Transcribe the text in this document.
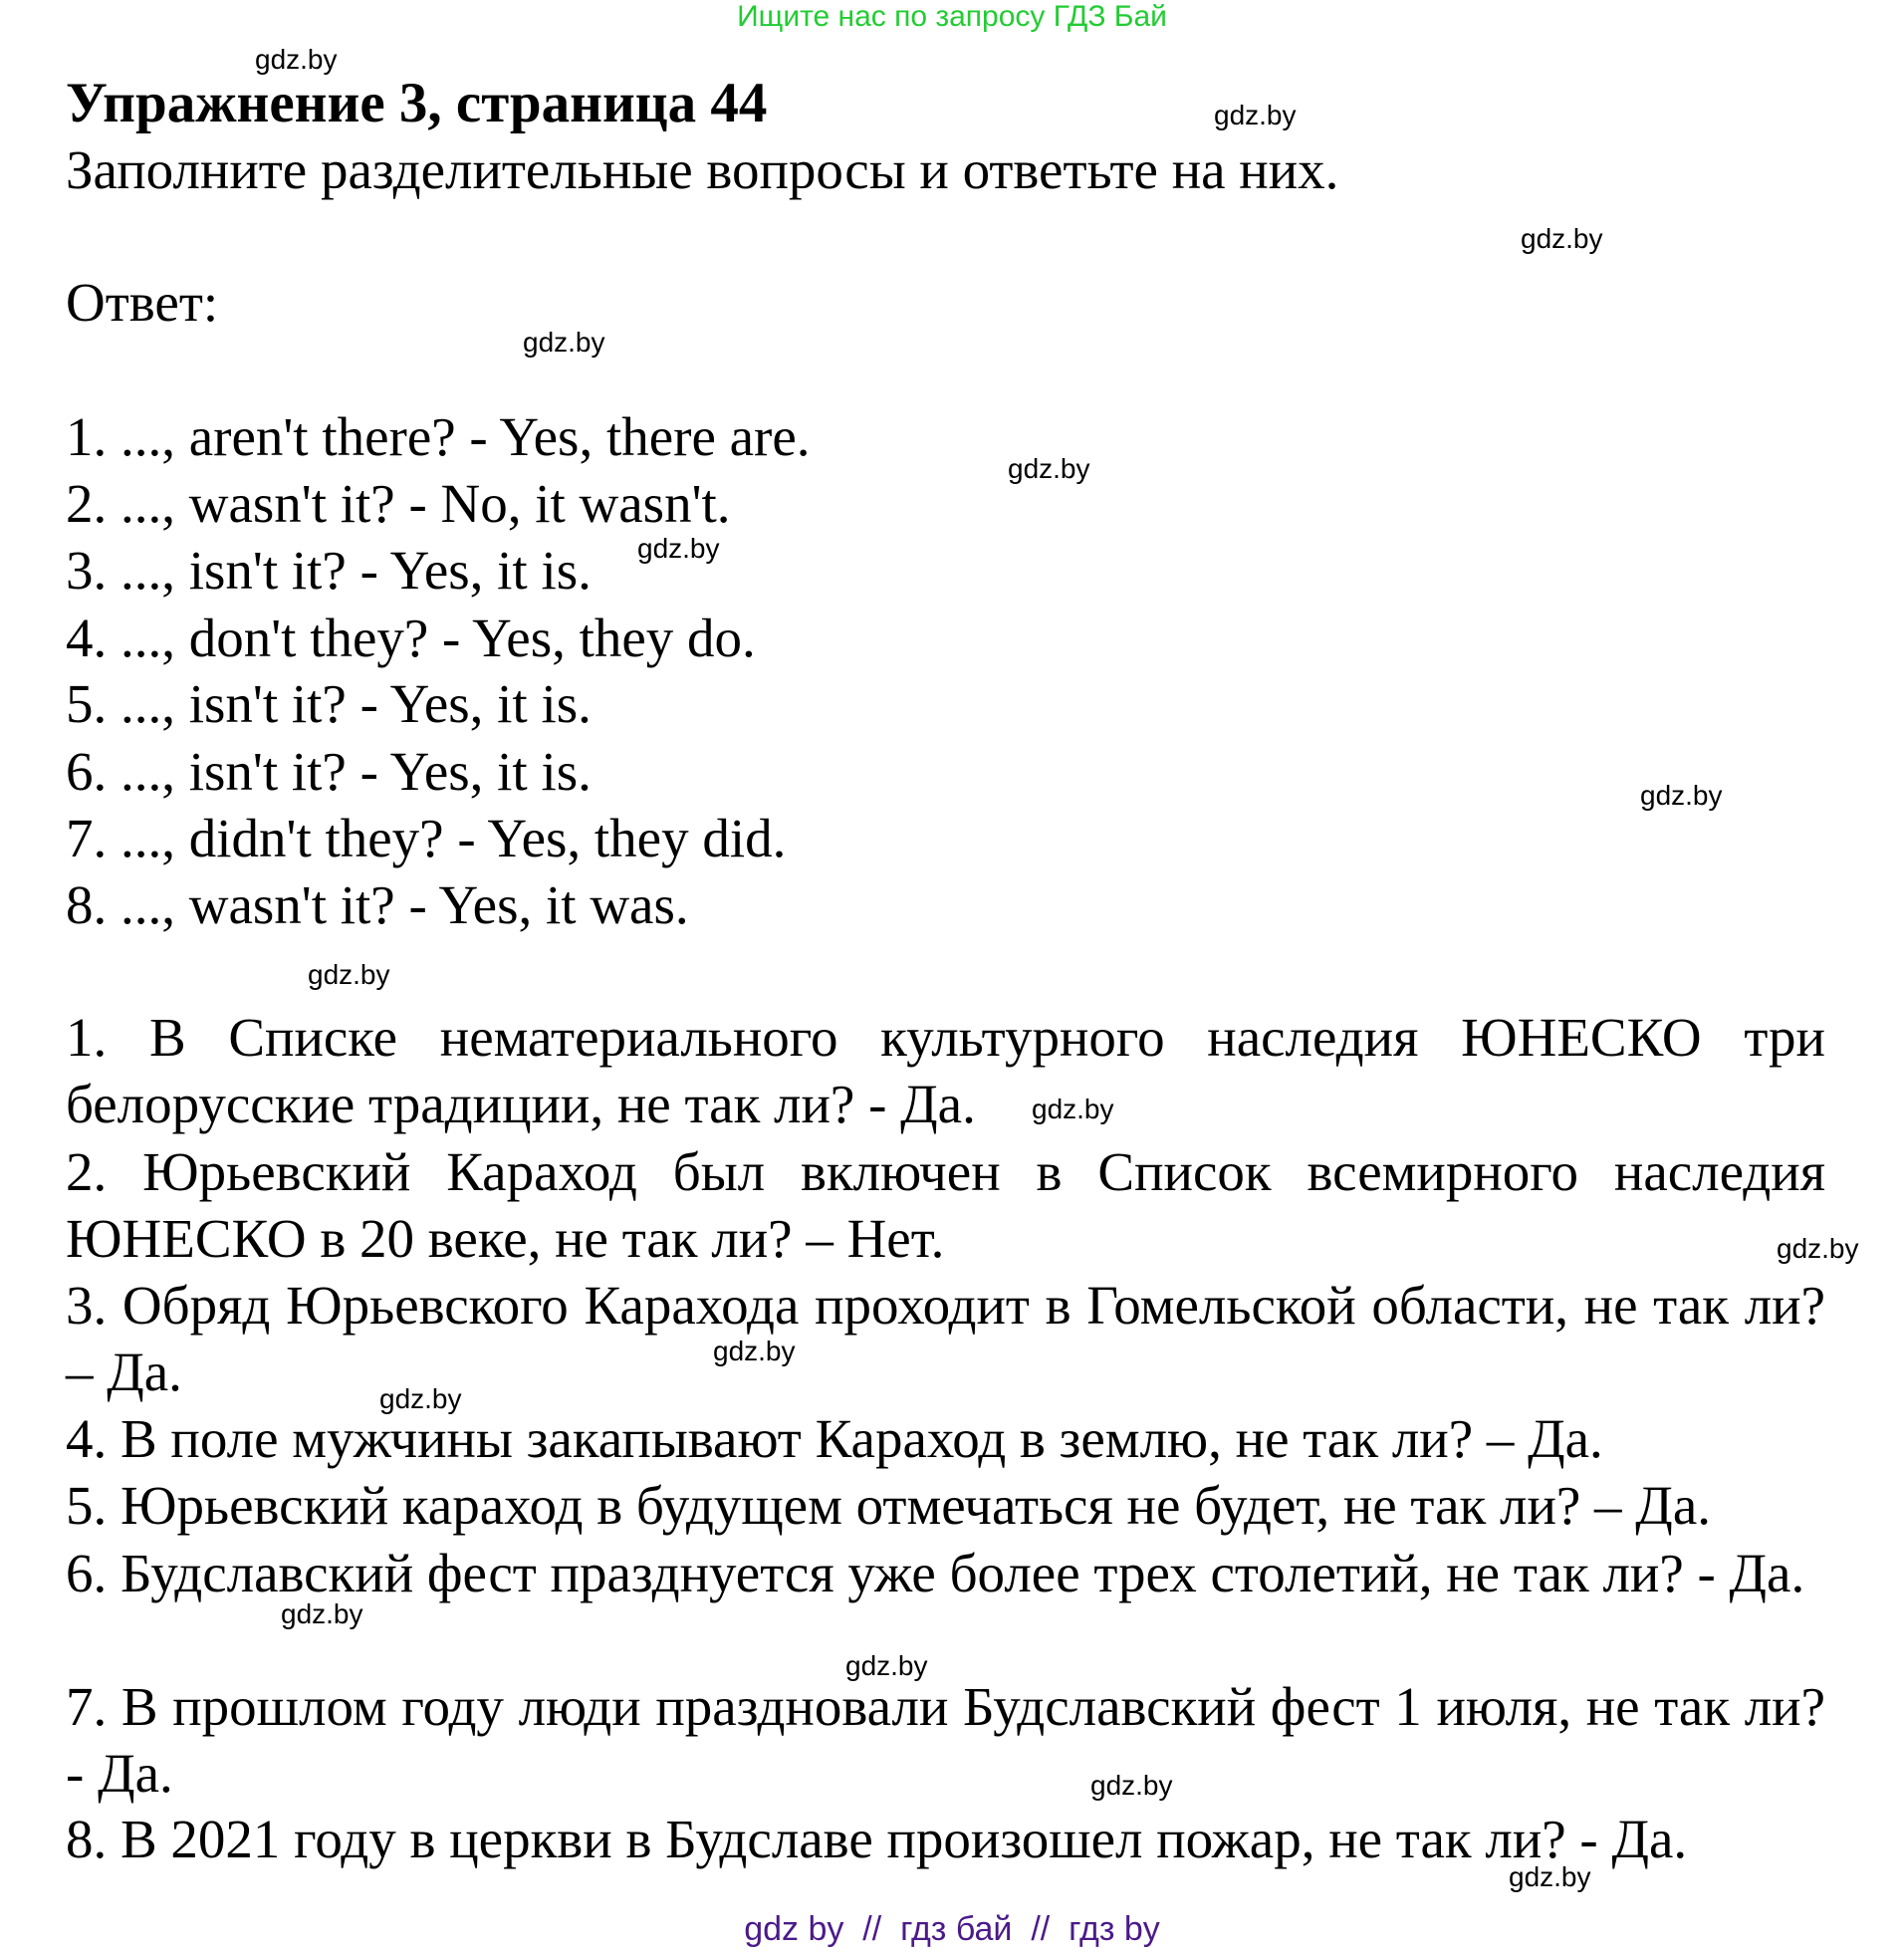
Ищите нас по запросу ГДЗ Бай
Упражнение 3, страница 44
Заполните разделительные вопросы и ответьте на них.
Ответ:
1. ..., aren't there? - Yes, there are.
2. ..., wasn't it? - No, it wasn't.
3. ..., isn't it? - Yes, it is.
4. ..., don't they? - Yes, they do.
5. ..., isn't it? - Yes, it is.
6. ..., isn't it? - Yes, it is.
7. ..., didn't they? - Yes, they did.
8. ..., wasn't it? - Yes, it was.
1. В Списке нематериального культурного наследия ЮНЕСКО три белорусские традиции, не так ли? - Да.
2. Юрьевский Караход был включен в Список всемирного наследия ЮНЕСКО в 20 веке, не так ли? – Нет.
3. Обряд Юрьевского Карахода проходит в Гомельской области, не так ли? – Да.
4. В поле мужчины закапывают Караход в землю, не так ли? – Да.
5. Юрьевский караход в будущем отмечаться не будет, не так ли? – Да.
6. Будславский фест празднуется уже более трех столетий, не так ли? - Да.
7. В прошлом году люди праздновали Будславский фест 1 июля, не так ли? - Да.
8. В 2021 году в церкви в Будславе произошел пожар, не так ли? - Да.
gdz.by
gdz.by
gdz.by
gdz.by
gdz.by
gdz.by
gdz.by
gdz.by
gdz.by
gdz.by
gdz.by
gdz.by
gdz.by
gdz.by
gdz.by
gdz.by
gdz by  //  гдз бай  //  гдз by
